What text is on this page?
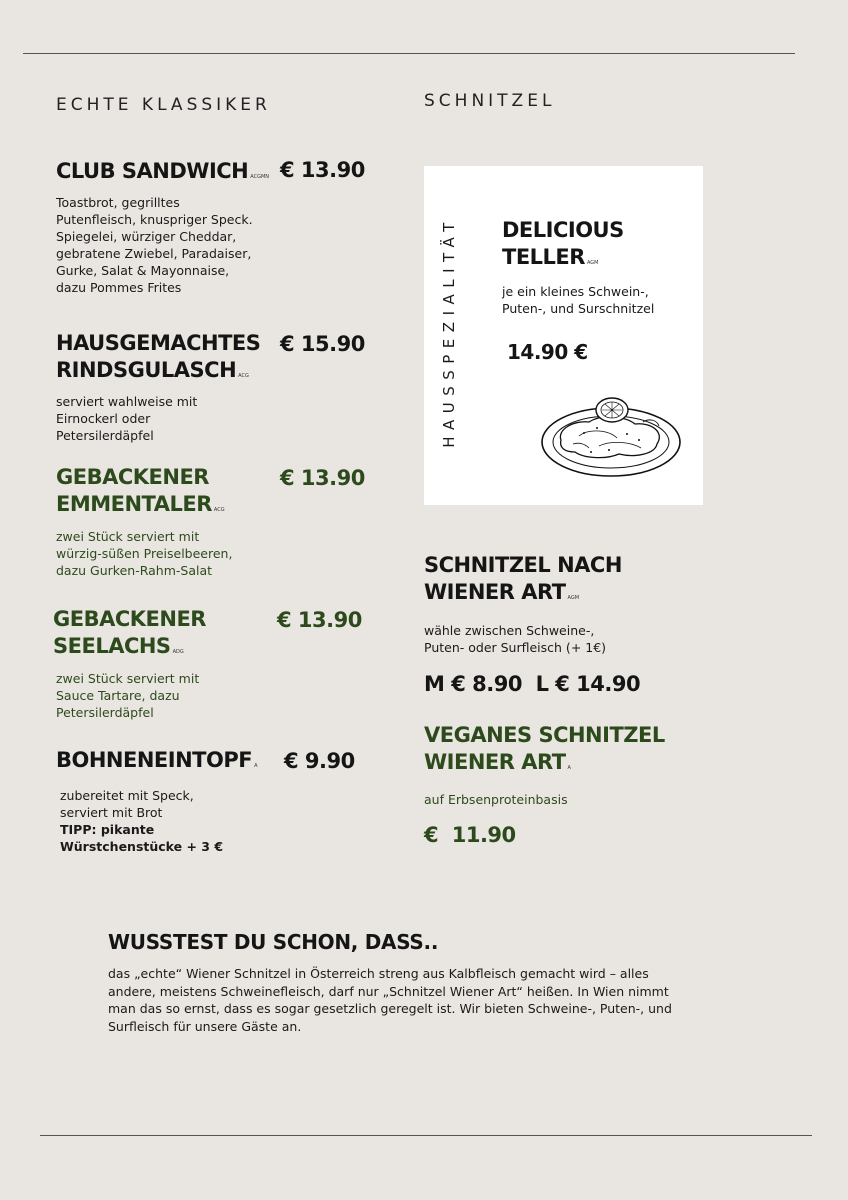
ECHTE KLASSIKER	SCHNITZEL
CLUB SANDWICH ACGMN € 13.90
Toastbrot, gegrilltes
Putenfleisch, knuspriger Speck.
Spiegelei, würziger Cheddar,
gebratene Zwiebel, Paradaiser,
Gurke, Salat & Mayonnaise,
dazu Pommes Frites
HAUSGEMACHTES
RINDSGULASCH ACG
€ 15.90
serviert wahlweise mit
Eirnockerl oder
Petersilerdäpfel
GEBACKENER
EMMENTALER ACG
€ 13.90
zwei Stück serviert mit
würzig-süßen Preiselbeeren,
dazu Gurken-Rahm-Salat
GEBACKENER
SEELACHS ADG
€ 13.90
zwei Stück serviert mit
Sauce Tartare, dazu
Petersilerdäpfel
BOHNENEINTOPF A € 9.90
zubereitet mit Speck,
serviert mit Brot
TIPP: pikante
Würstchenstücke + 3 €
HAUSSPEZIALITÄT DELICIOUS
TELLER AGM
je ein kleines Schwein-,
Puten-, und Surschnitzel
14.90 €
SCHNITZEL NACH
WIENER ART AGM
wähle zwischen Schweine-,
Puten- oder Surfleisch (+ 1€)
M € 8.90  L € 14.90
VEGANES SCHNITZEL
WIENER ART A
auf Erbsenproteinbasis
€  11.90
WUSSTEST DU SCHON, DASS..
das „echte“ Wiener Schnitzel in Österreich streng aus Kalbfleisch gemacht wird – alles
andere, meistens Schweinefleisch, darf nur „Schnitzel Wiener Art“ heißen. In Wien nimmt
man das so ernst, dass es sogar gesetzlich geregelt ist. Wir bieten Schweine-, Puten-, und
Surfleisch für unsere Gäste an.
